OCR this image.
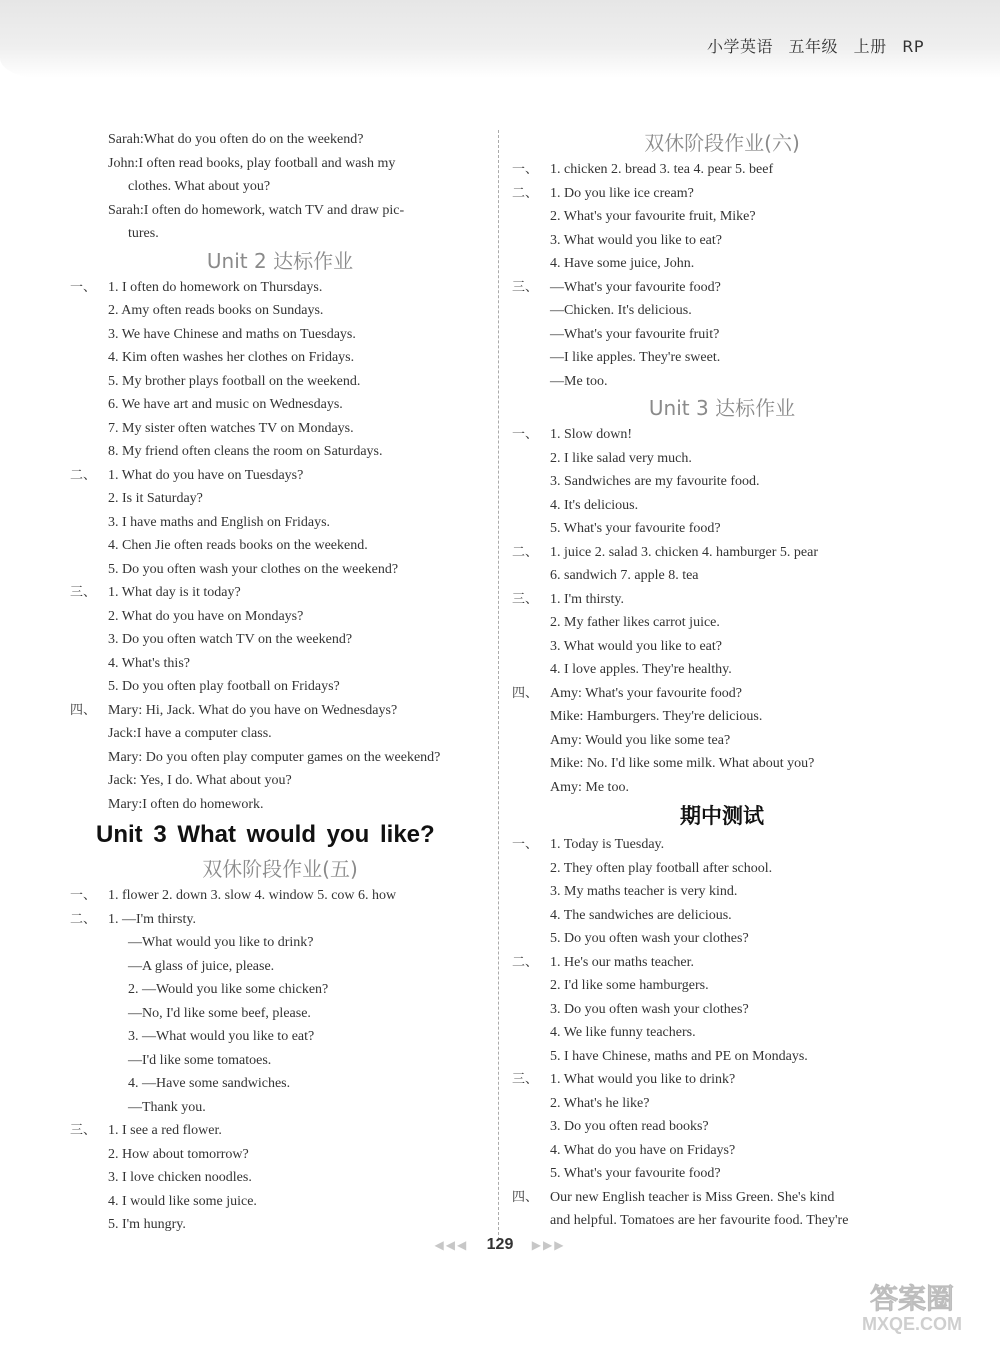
小学英语 五年级 上册 RP
Sarah:What do you often do on the weekend?
John:I often read books, play football and wash my
clothes. What about you?
Sarah:I often do homework, watch TV and draw pic-
tures.
Unit 2 达标作业
一、 1. I often do homework on Thursdays.
2. Amy often reads books on Sundays.
3. We have Chinese and maths on Tuesdays.
4. Kim often washes her clothes on Fridays.
5. My brother plays football on the weekend.
6. We have art and music on Wednesdays.
7. My sister often watches TV on Mondays.
8. My friend often cleans the room on Saturdays.
二、 1. What do you have on Tuesdays?
2. Is it Saturday?
3. I have maths and English on Fridays.
4. Chen Jie often reads books on the weekend.
5. Do you often wash your clothes on the weekend?
三、 1. What day is it today?
2. What do you have on Mondays?
3. Do you often watch TV on the weekend?
4. What's this?
5. Do you often play football on Fridays?
四、 Mary: Hi, Jack. What do you have on Wednesdays?
Jack:I have a computer class.
Mary: Do you often play computer games on the weekend?
Jack: Yes, I do. What about you?
Mary:I often do homework.
Unit 3 What would you like?
双休阶段作业(五)
一、 1. flower 2. down 3. slow 4. window 5. cow 6. how
二、 1. —I'm thirsty.
—What would you like to drink?
—A glass of juice, please.
2. —Would you like some chicken?
—No, I'd like some beef, please.
3. —What would you like to eat?
—I'd like some tomatoes.
4. —Have some sandwiches.
—Thank you.
三、 1. I see a red flower.
2. How about tomorrow?
3. I love chicken noodles.
4. I would like some juice.
5. I'm hungry.
双休阶段作业(六)
一、 1. chicken 2. bread 3. tea 4. pear 5. beef
二、 1. Do you like ice cream?
2. What's your favourite fruit, Mike?
3. What would you like to eat?
4. Have some juice, John.
三、 —What's your favourite food?
—Chicken. It's delicious.
—What's your favourite fruit?
—I like apples. They're sweet.
—Me too.
Unit 3 达标作业
一、 1. Slow down!
2. I like salad very much.
3. Sandwiches are my favourite food.
4. It's delicious.
5. What's your favourite food?
二、 1. juice 2. salad 3. chicken 4. hamburger 5. pear
6. sandwich 7. apple 8. tea
三、 1. I'm thirsty.
2. My father likes carrot juice.
3. What would you like to eat?
4. I love apples. They're healthy.
四、 Amy: What's your favourite food?
Mike: Hamburgers. They're delicious.
Amy: Would you like some tea?
Mike: No. I'd like some milk. What about you?
Amy: Me too.
期中测试
一、 1. Today is Tuesday.
2. They often play football after school.
3. My maths teacher is very kind.
4. The sandwiches are delicious.
5. Do you often wash your clothes?
二、 1. He's our maths teacher.
2. I'd like some hamburgers.
3. Do you often wash your clothes?
4. We like funny teachers.
5. I have Chinese, maths and PE on Mondays.
三、 1. What would you like to drink?
2. What's he like?
3. Do you often read books?
4. What do you have on Fridays?
5. What's your favourite food?
四、 Our new English teacher is Miss Green. She's kind
and helpful. Tomatoes are her favourite food. They're
◀◀◀ 129 ▶▶▶
答案圈
MXQE.COM
